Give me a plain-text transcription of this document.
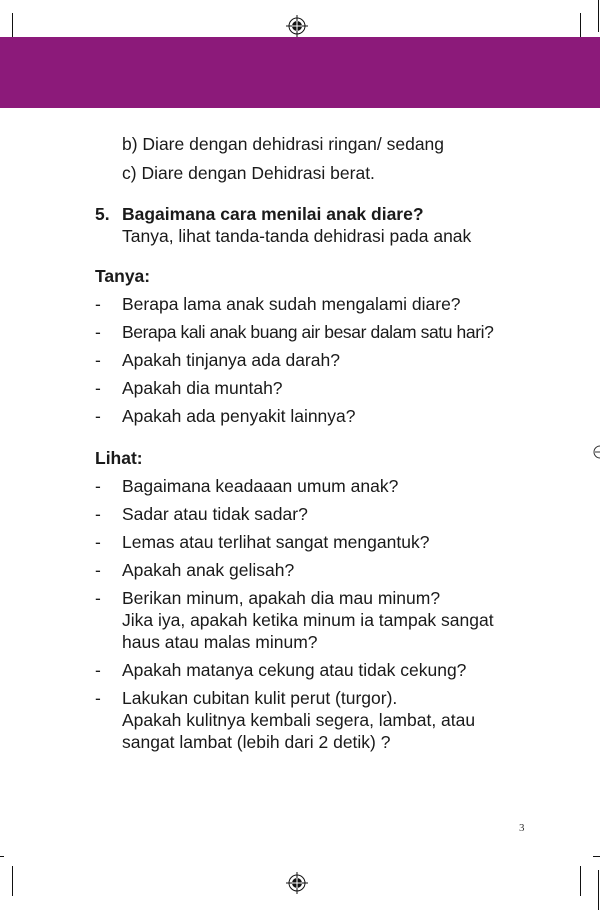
b) Diare dengan dehidrasi ringan/ sedang
c) Diare dengan Dehidrasi berat.
5. Bagaimana cara menilai anak diare?
Tanya, lihat tanda-tanda dehidrasi pada anak
Tanya:
-	Berapa lama anak sudah mengalami diare?
-	Berapa kali anak buang air besar dalam satu hari?
-	Apakah tinjanya ada darah?
-	Apakah dia muntah?
-	Apakah ada penyakit lainnya?
Lihat:
-	Bagaimana keadaaan umum anak?
-	Sadar atau tidak sadar?
-	Lemas atau terlihat sangat mengantuk?
-	Apakah anak gelisah?
-	Berikan minum, apakah dia mau minum?
Jika iya, apakah ketika minum ia tampak sangat
haus atau malas minum?
-	Apakah matanya cekung atau tidak cekung?
-	Lakukan cubitan kulit perut (turgor).
Apakah kulitnya kembali segera, lambat, atau
sangat lambat (lebih dari 2 detik) ?
3
